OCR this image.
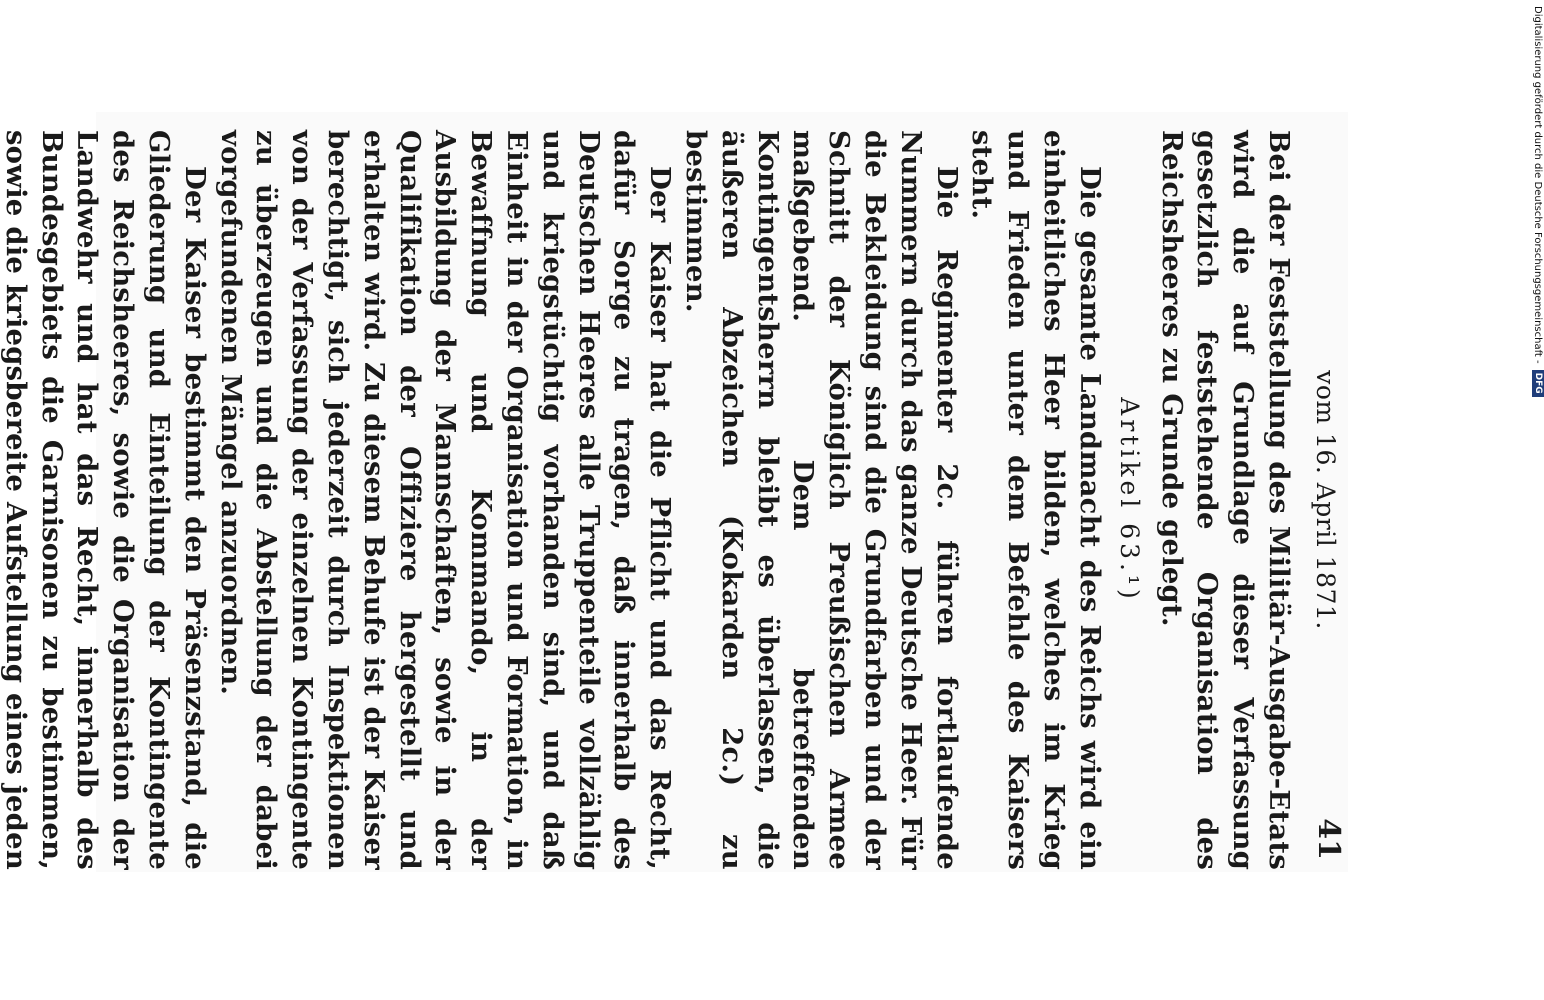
vom 16. April 1871.
41

Bei der Feststellung des Militär-Ausgabe-Etats wird die auf Grundlage dieser Verfassung gesetzlich feststehende Organisation des Reichsheeres zu Grunde gelegt.

Artikel 63.¹)

Die gesamte Landmacht des Reichs wird ein einheitliches Heer bilden, welches im Krieg und Frieden unter dem Befehle des Kaisers steht.

Die Regimenter 2c. führen fortlaufende Nummern durch das ganze Deutsche Heer. Für die Bekleidung sind die Grundfarben und der Schnitt der Königlich Preußischen Armee maßgebend. Dem betreffenden Kontingentsherrn bleibt es überlassen, die äußeren Abzeichen (Kokarden 2c.) zu bestimmen.

Der Kaiser hat die Pflicht und das Recht, dafür Sorge zu tragen, daß innerhalb des Deutschen Heeres alle Truppenteile vollzählig und kriegstüchtig vorhanden sind, und daß Einheit in der Organisation und Formation, in Bewaffnung und Kommando, in der Ausbildung der Mannschaften, sowie in der Qualifikation der Offiziere hergestellt und erhalten wird. Zu diesem Behufe ist der Kaiser berechtigt, sich jederzeit durch Inspektionen von der Verfassung der einzelnen Kontingente zu überzeugen und die Abstellung der dabei vorgefundenen Mängel anzuordnen.

Der Kaiser bestimmt den Präsenzstand, die Gliederung und Einteilung der Kontingente des Reichsheeres, sowie die Organisation der Landwehr und hat das Recht, innerhalb des Bundesgebiets die Garnisonen zu bestimmen, sowie die kriegsbereite Aufstellung eines jeden

Digitalisierung gefördert durch die Deutsche Forschungsgemeinschaft -
DFG
